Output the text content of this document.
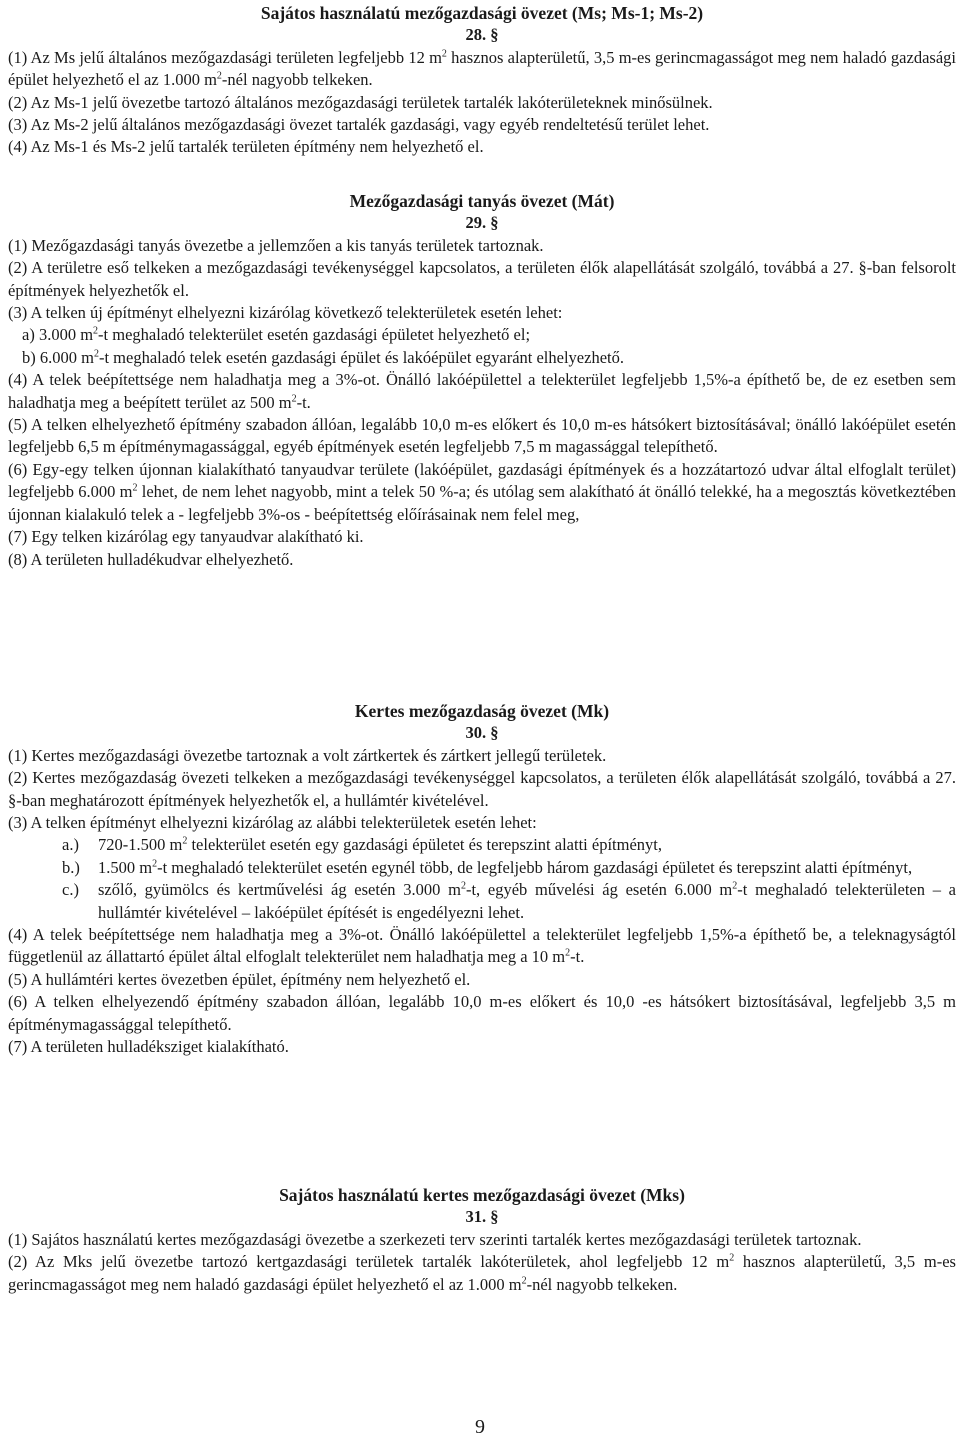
Sajátos használatú mezőgazdasági övezet (Ms; Ms-1; Ms-2)

28. §

(1) Az Ms jelű általános mezőgazdasági területen legfeljebb 12 $m^2$ hasznos alapterületű, 3,5 m-es gerincmagasságot meg nem haladó gazdasági épület helyezhető el az 1.000 $m^2$-nél nagyobb telkeken.

(2) Az Ms-1 jelű övezetbe tartozó általános mezőgazdasági területek tartalék lakóterületeknek minősülnek.

(3) Az Ms-2 jelű általános mezőgazdasági övezet tartalék gazdasági, vagy egyéb rendeltetésű terület lehet.

(4) Az Ms-1 és Ms-2 jelű tartalék területen építmény nem helyezhető el.

Mezőgazdasági tanyás övezet (Mát)

29. §

(1) Mezőgazdasági tanyás övezetbe a jellemzően a kis tanyás területek tartoznak.

(2) A területre eső telkeken a mezőgazdasági tevékenységgel kapcsolatos, a területen élők alapellátását szolgáló, továbbá a 27. §-ban felsorolt építmények helyezhetők el.

(3) A telken új építményt elhelyezni kizárólag következő telekterületek esetén lehet:

a) 3.000 $m^2-t$ meghaladó telekterület esetén gazdasági épületet helyezhető el;

b) 6.000 $m^2-t$ meghaladó telek esetén gazdasági épület és lakóépület egyaránt elhelyezhető.

(4) A telek beépítettsége nem haladhatja meg a 3%-ot. Önálló lakóépülettel a telekterület legfeljebb 1,5%-a építhető be, de ez esetben sem haladhatja meg a beépített terület az 500 $m^2-t$.

(5) A telken elhelyezhető építmény szabadon állóan, legalább 10,0 m-es előkert és 10,0 m-es hátsókert biztosításával; önálló lakóépület esetén legfeljebb 6,5 m építménymagassággal, egyéb építmények esetén legfeljebb 7,5 m magassággal telepíthető.

(6) Egy-egy telken újonnan kialakítható tanyaudvar területe (lakóépület, gazdasági építmények és a hozzátartozó udvar által elfoglalt terület) legfeljebb 6.000 $m^2$ lehet, de nem lehet nagyobb, mint a telek 50 %-a; és utólag sem alakítható át önálló telekké, ha a megosztás következtében újonnan kialakuló telek a - legfeljebb 3%-os - beépítettség előírásainak nem felel meg,

(7) Egy telken kizárólag egy tanyaudvar alakítható ki.

(8) A területen hulladékudvar elhelyezhető.

Kertes mezőgazdaság övezet (Mk)

30. §

(1) Kertes mezőgazdasági övezetbe tartoznak a volt zártkertek és zártkert jellegű területek.

(2) Kertes mezőgazdaság övezeti telkeken a mezőgazdasági tevékenységgel kapcsolatos, a területen élők alapellátását szolgáló, továbbá a 27. §-ban meghatározott építmények helyezhetők el, a hullámtér kivételével.

(3) A telken építményt elhelyezni kizárólag az alábbi telekterületek esetén lehet:

a.)	720-1.500 $m^2$ telekterület esetén egy gazdasági épületet és terepszint alatti építményt,
b.)	1.500 $m^2-t$ meghaladó telekterület esetén egynél több, de legfeljebb három gazdasági épületet és terepszint alatti építményt,
c.)	szőlő, gyümölcs és kertművelési ág esetén 3.000 $m^2-t$, egyéb művelési ág esetén 6.000 $m^2-t$ meghaladó telekterületen – a hullámtér kivételével – lakóépület építését is engedélyezni lehet.

(4) A telek beépítettsége nem haladhatja meg a 3%-ot. Önálló lakóépülettel a telekterület legfeljebb 1,5%-a építhető be, a teleknagyságtól függetlenül az állattartó épület által elfoglalt telekterület nem haladhatja meg a 10 $m^2-t$.

(5) A hullámtéri kertes övezetben épület, építmény nem helyezhető el.

(6) A telken elhelyezendő építmény szabadon állóan, legalább 10,0 m-es előkert és 10,0 -es hátsókert biztosításával, legfeljebb 3,5 m építménymagassággal telepíthető.

(7) A területen hulladéksziget kialakítható.

Sajátos használatú kertes mezőgazdasági övezet (Mks)

31. §

(1) Sajátos használatú kertes mezőgazdasági övezetbe a szerkezeti terv szerinti tartalék kertes mezőgazdasági területek tartoznak.

(2) Az Mks jelű övezetbe tartozó kertgazdasági területek tartalék lakóterületek, ahol legfeljebb 12 $m^2$ hasznos alapterületű, 3,5 m-es gerincmagasságot meg nem haladó gazdasági épület helyezhető el az 1.000 $m^2$-nél nagyobb telkeken.

9
